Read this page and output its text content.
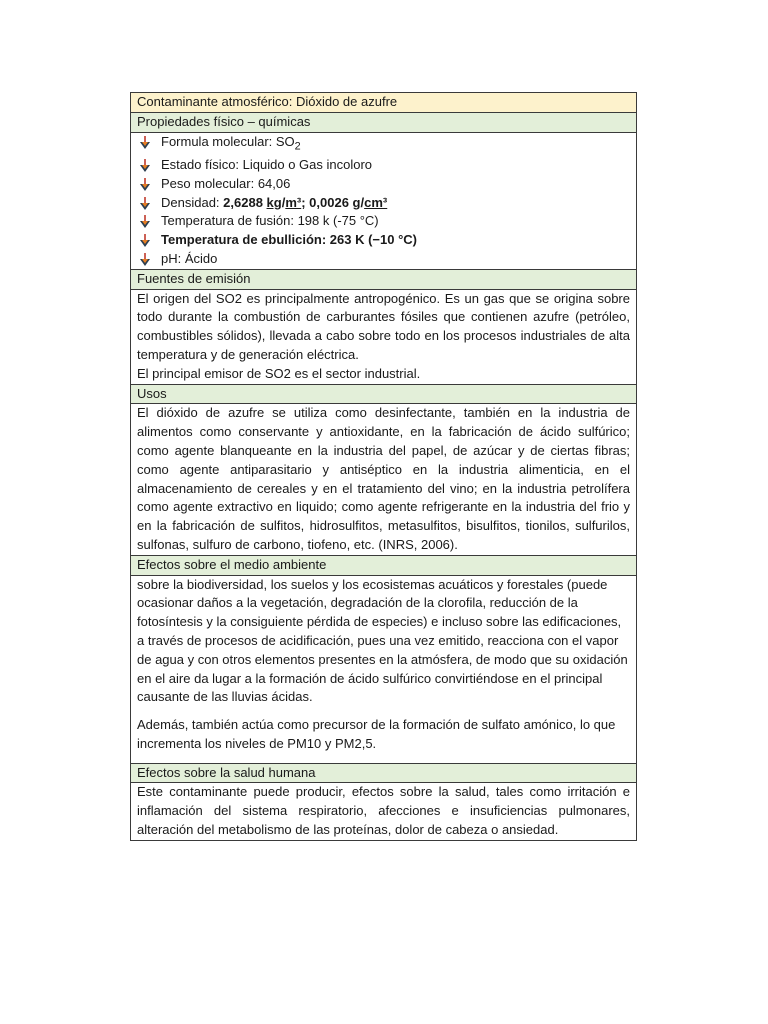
Contaminante atmosférico: Dióxido de azufre
Propiedades físico – químicas

Formula molecular: $SO_2$
Estado físico: Liquido o Gas incoloro
Peso molecular: 64,06
Densidad: 2,6288 kg/m³; 0,0026 g/cm³
Temperatura de fusión: 198 k (-75 °C)
Temperatura de ebullición: 263 K (−10 °C)
pH: Ácido

Fuentes de emisión

El origen del SO2 es principalmente antropogénico. Es un gas que se origina sobre todo durante la combustión de carburantes fósiles que contienen azufre (petróleo, combustibles sólidos), llevada a cabo sobre todo en los procesos industriales de alta temperatura y de generación eléctrica.

El principal emisor de SO2 es el sector industrial.

Usos

El dióxido de azufre se utiliza como desinfectante, también en la industria de alimentos como conservante y antioxidante, en la fabricación de ácido sulfúrico; como agente blanqueante en la industria del papel, de azúcar y de ciertas fibras; como agente antiparasitario y antiséptico en la industria alimenticia, en el almacenamiento de cereales y en el tratamiento del vino; en la industria petrolífera como agente extractivo en liquido; como agente refrigerante en la industria del frio y en la fabricación de sulfitos, hidrosulfitos, metasulfitos, bisulfitos, tionilos, sulfurilos, sulfonas, sulfuro de carbono, tiofeno, etc. (INRS, 2006).

Efectos sobre el medio ambiente

sobre la biodiversidad, los suelos y los ecosistemas acuáticos y forestales (puede ocasionar daños a la vegetación, degradación de la clorofila, reducción de la fotosíntesis y la consiguiente pérdida de especies) e incluso sobre las edificaciones, a través de procesos de acidificación, pues una vez emitido, reacciona con el vapor de agua y con otros elementos presentes en la atmósfera, de modo que su oxidación en el aire da lugar a la formación de ácido sulfúrico convirtiéndose en el principal causante de las lluvias ácidas.

Además, también actúa como precursor de la formación de sulfato amónico, lo que incrementa los niveles de PM10 y PM2,5.

Efectos sobre la salud humana

Este contaminante puede producir, efectos sobre la salud, tales como irritación e inflamación del sistema respiratorio, afecciones e insuficiencias pulmonares, alteración del metabolismo de las proteínas, dolor de cabeza o ansiedad.
